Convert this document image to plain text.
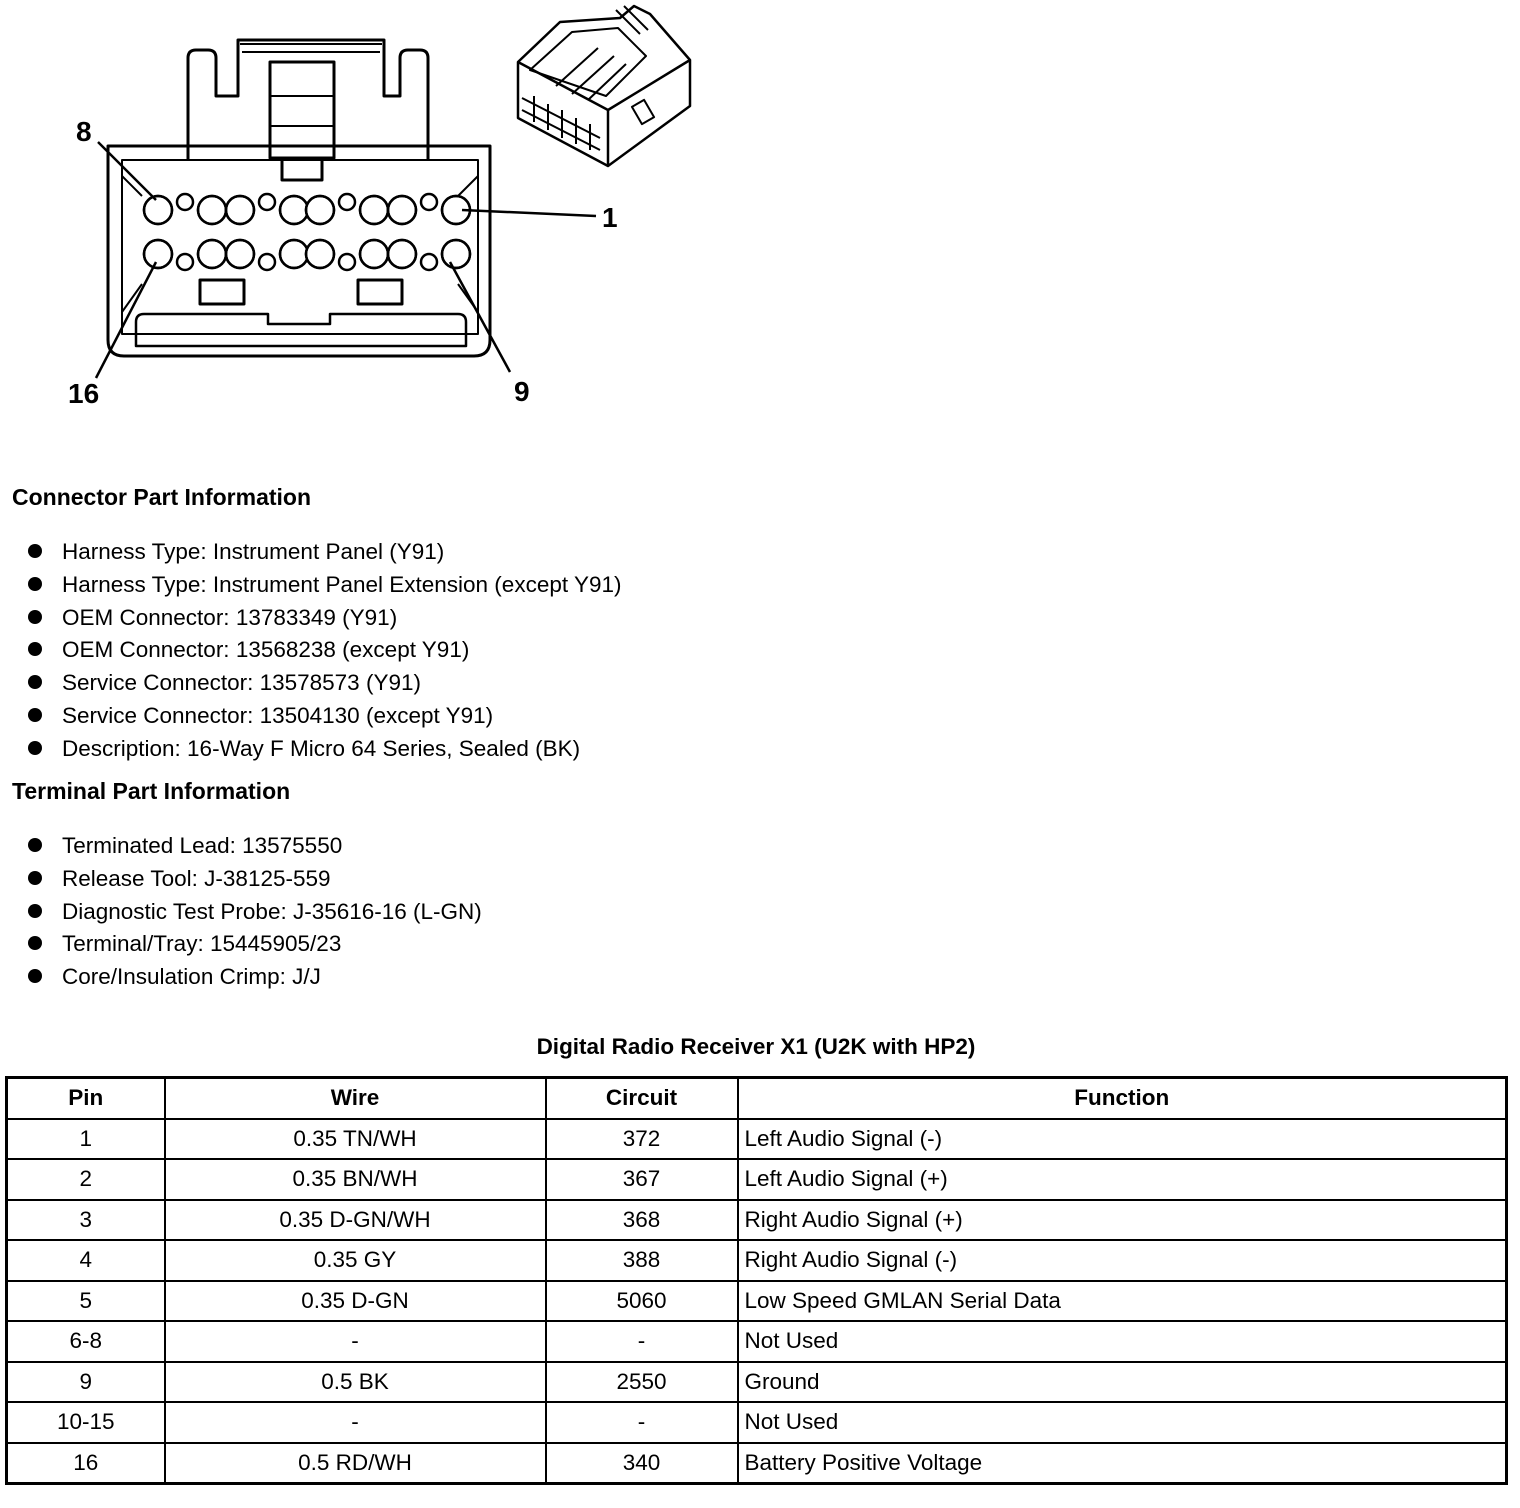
8
1
16	9
Connector Part Information
Harness Type: Instrument Panel (Y91)
Harness Type: Instrument Panel Extension (except Y91)
OEM Connector: 13783349 (Y91)
OEM Connector: 13568238 (except Y91)
Service Connector: 13578573 (Y91)
Service Connector: 13504130 (except Y91)
Description: 16-Way F Micro 64 Series, Sealed (BK)
Terminal Part Information
Terminated Lead: 13575550
Release Tool: J-38125-559
Diagnostic Test Probe: J-35616-16 (L-GN)
Terminal/Tray: 15445905/23
Core/Insulation Crimp: J/J
Digital Radio Receiver X1 (U2K with HP2)
Pin	Wire	Circuit	Function
1	0.35 TN/WH	372	Left Audio Signal (-)
2	0.35 BN/WH	367	Left Audio Signal (+)
3	0.35 D-GN/WH	368	Right Audio Signal (+)
4	0.35 GY	388	Right Audio Signal (-)
5	0.35 D-GN	5060	Low Speed GMLAN Serial Data
6-8	-	-	Not Used
9	0.5 BK	2550	Ground
10-15	-	-	Not Used
16	0.5 RD/WH	340	Battery Positive Voltage
